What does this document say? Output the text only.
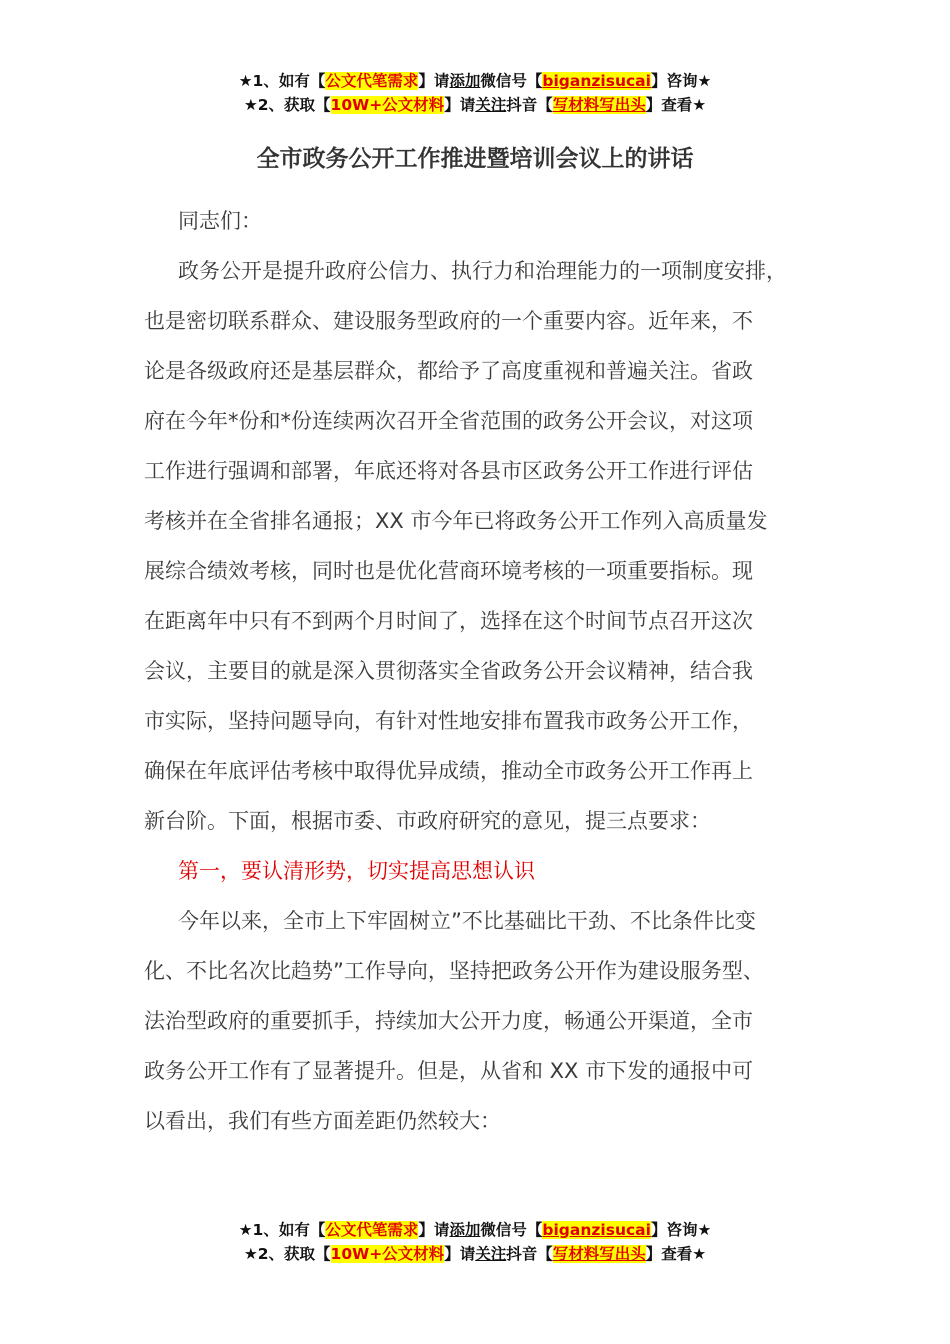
★1、如有【公文代笔需求】请添加微信号【biganzisucai】咨询★
★2、获取【10W+公文材料】请关注抖音【写材料写出头】查看★
全市政务公开工作推进暨培训会议上的讲话
同志们：
政务公开是提升政府公信力、执行力和治理能力的一项制度安排，
也是密切联系群众、建设服务型政府的一个重要内容。近年来，不
论是各级政府还是基层群众，都给予了高度重视和普遍关注。省政
府在今年*份和*份连续两次召开全省范围的政务公开会议，对这项
工作进行强调和部署，年底还将对各县市区政务公开工作进行评估
考核并在全省排名通报；XX 市今年已将政务公开工作列入高质量发
展综合绩效考核，同时也是优化营商环境考核的一项重要指标。现
在距离年中只有不到两个月时间了，选择在这个时间节点召开这次
会议，主要目的就是深入贯彻落实全省政务公开会议精神，结合我
市实际，坚持问题导向，有针对性地安排布置我市政务公开工作，
确保在年底评估考核中取得优异成绩，推动全市政务公开工作再上
新台阶。下面，根据市委、市政府研究的意见，提三点要求：
第一，要认清形势，切实提高思想认识
今年以来，全市上下牢固树立”不比基础比干劲、不比条件比变
化、不比名次比趋势”工作导向，坚持把政务公开作为建设服务型、
法治型政府的重要抓手，持续加大公开力度，畅通公开渠道，全市
政务公开工作有了显著提升。但是，从省和 XX 市下发的通报中可
以看出，我们有些方面差距仍然较大：
★1、如有【公文代笔需求】请添加微信号【biganzisucai】咨询★
★2、获取【10W+公文材料】请关注抖音【写材料写出头】查看★
